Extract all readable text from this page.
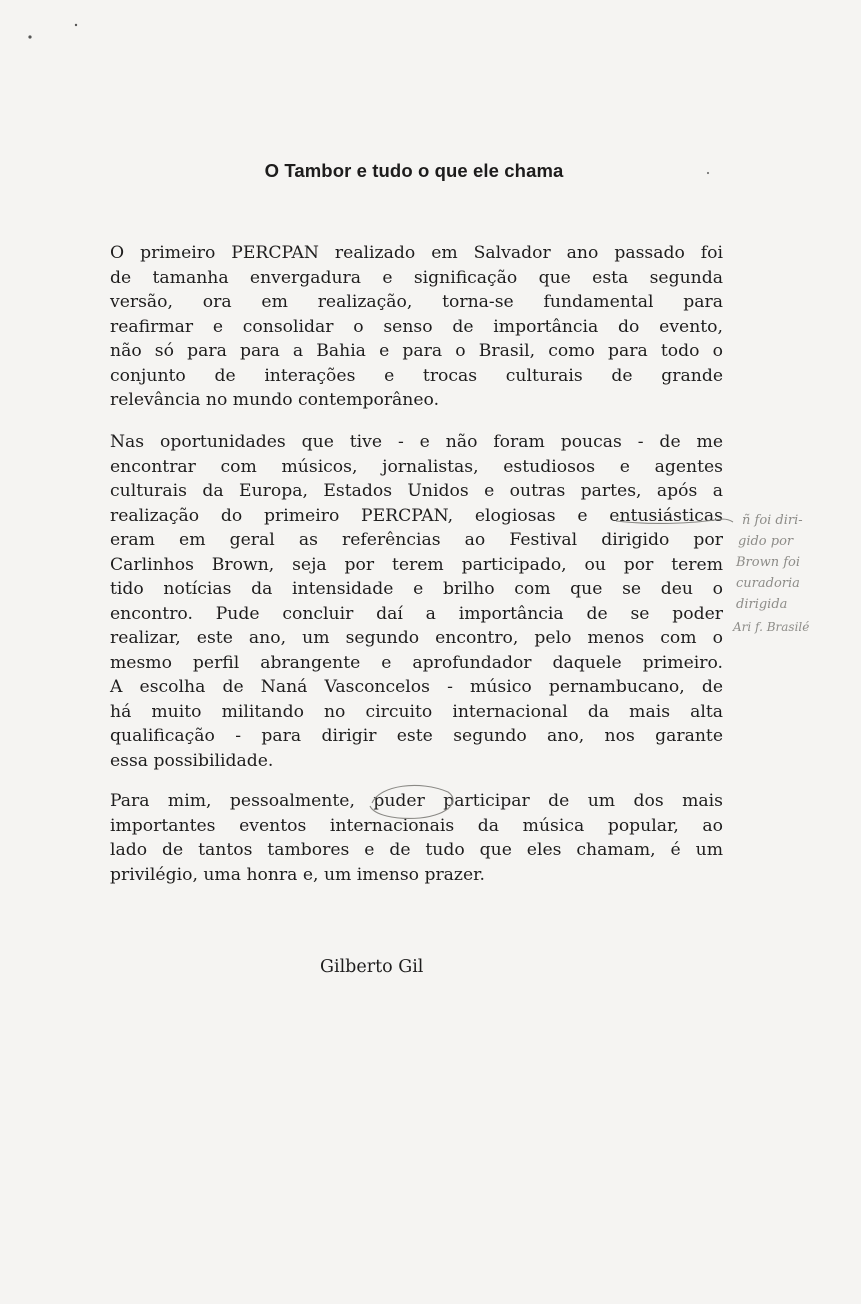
O Tambor e tudo o que ele chama
O primeiro PERCPAN realizado em Salvador ano passado foi
de tamanha envergadura e significação que esta segunda
versão, ora em realização, torna-se fundamental para
reafirmar e consolidar o senso de importância do evento,
não só para para a Bahia e para o Brasil, como para todo o
conjunto de interações e trocas culturais de grande
relevância no mundo contemporâneo.
Nas oportunidades que tive - e não foram poucas - de me
encontrar com músicos, jornalistas, estudiosos e agentes
culturais da Europa, Estados Unidos e outras partes, após a
realização do primeiro PERCPAN, elogiosas e entusiásticas
eram em geral as referências ao Festival dirigido por
Carlinhos Brown, seja por terem participado, ou por terem
tido notícias da intensidade e brilho com que se deu o
encontro. Pude concluir daí a importância de se poder
realizar, este ano, um segundo encontro, pelo menos com o
mesmo perfil abrangente e aprofundador daquele primeiro.
A escolha de Naná Vasconcelos - músico pernambucano, de
há muito militando no circuito internacional da mais alta
qualificação - para dirigir este segundo ano, nos garante
essa possibilidade.
Para mim, pessoalmente, puder participar de um dos mais
importantes eventos internacionais da música popular, ao
lado de tantos tambores e de tudo que eles chamam, é um
privilégio, uma honra e, um imenso prazer.
Gilberto Gil
ñ foi diri-
gido por
Brown foi
curadoria
dirigida
Ari f. Brasilé
